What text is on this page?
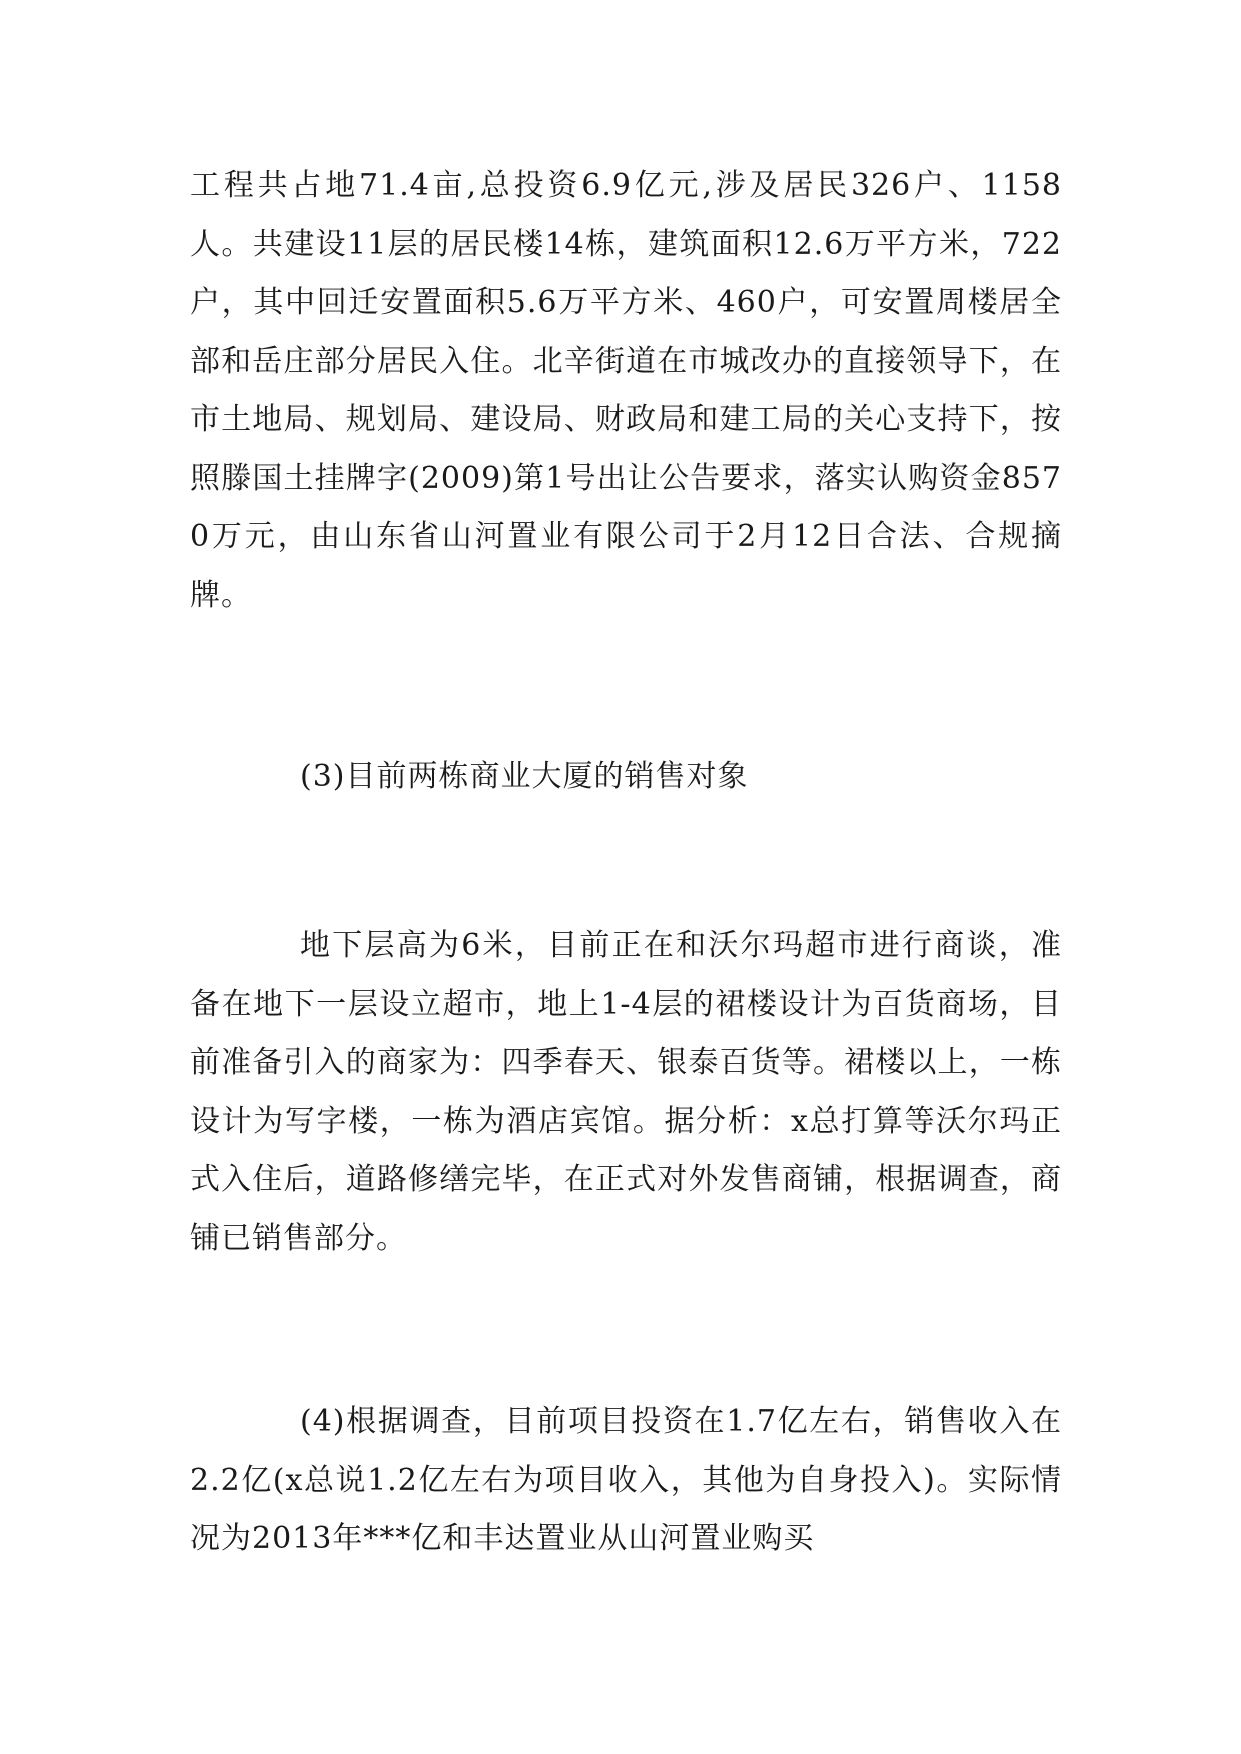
工程共占地71.4亩,总投资6.9亿元,涉及居民326户、1158人。共建设11层的居民楼14栋，建筑面积12.6万平方米，722户，其中回迁安置面积5.6万平方米、460户，可安置周楼居全部和岳庄部分居民入住。北辛街道在市城改办的直接领导下，在市土地局、规划局、建设局、财政局和建工局的关心支持下，按照滕国土挂牌字(2009)第1号出让公告要求，落实认购资金8570万元，由山东省山河置业有限公司于2月12日合法、合规摘牌。

(3)目前两栋商业大厦的销售对象

地下层高为6米，目前正在和沃尔玛超市进行商谈，准备在地下一层设立超市，地上1-4层的裙楼设计为百货商场，目前准备引入的商家为：四季春天、银泰百货等。裙楼以上，一栋设计为写字楼，一栋为酒店宾馆。据分析：x总打算等沃尔玛正式入住后，道路修缮完毕，在正式对外发售商铺，根据调查，商铺已销售部分。

(4)根据调查，目前项目投资在1.7亿左右，销售收入在2.2亿(x总说1.2亿左右为项目收入，其他为自身投入)。实际情况为2013年***亿和丰达置业从山河置业购买
